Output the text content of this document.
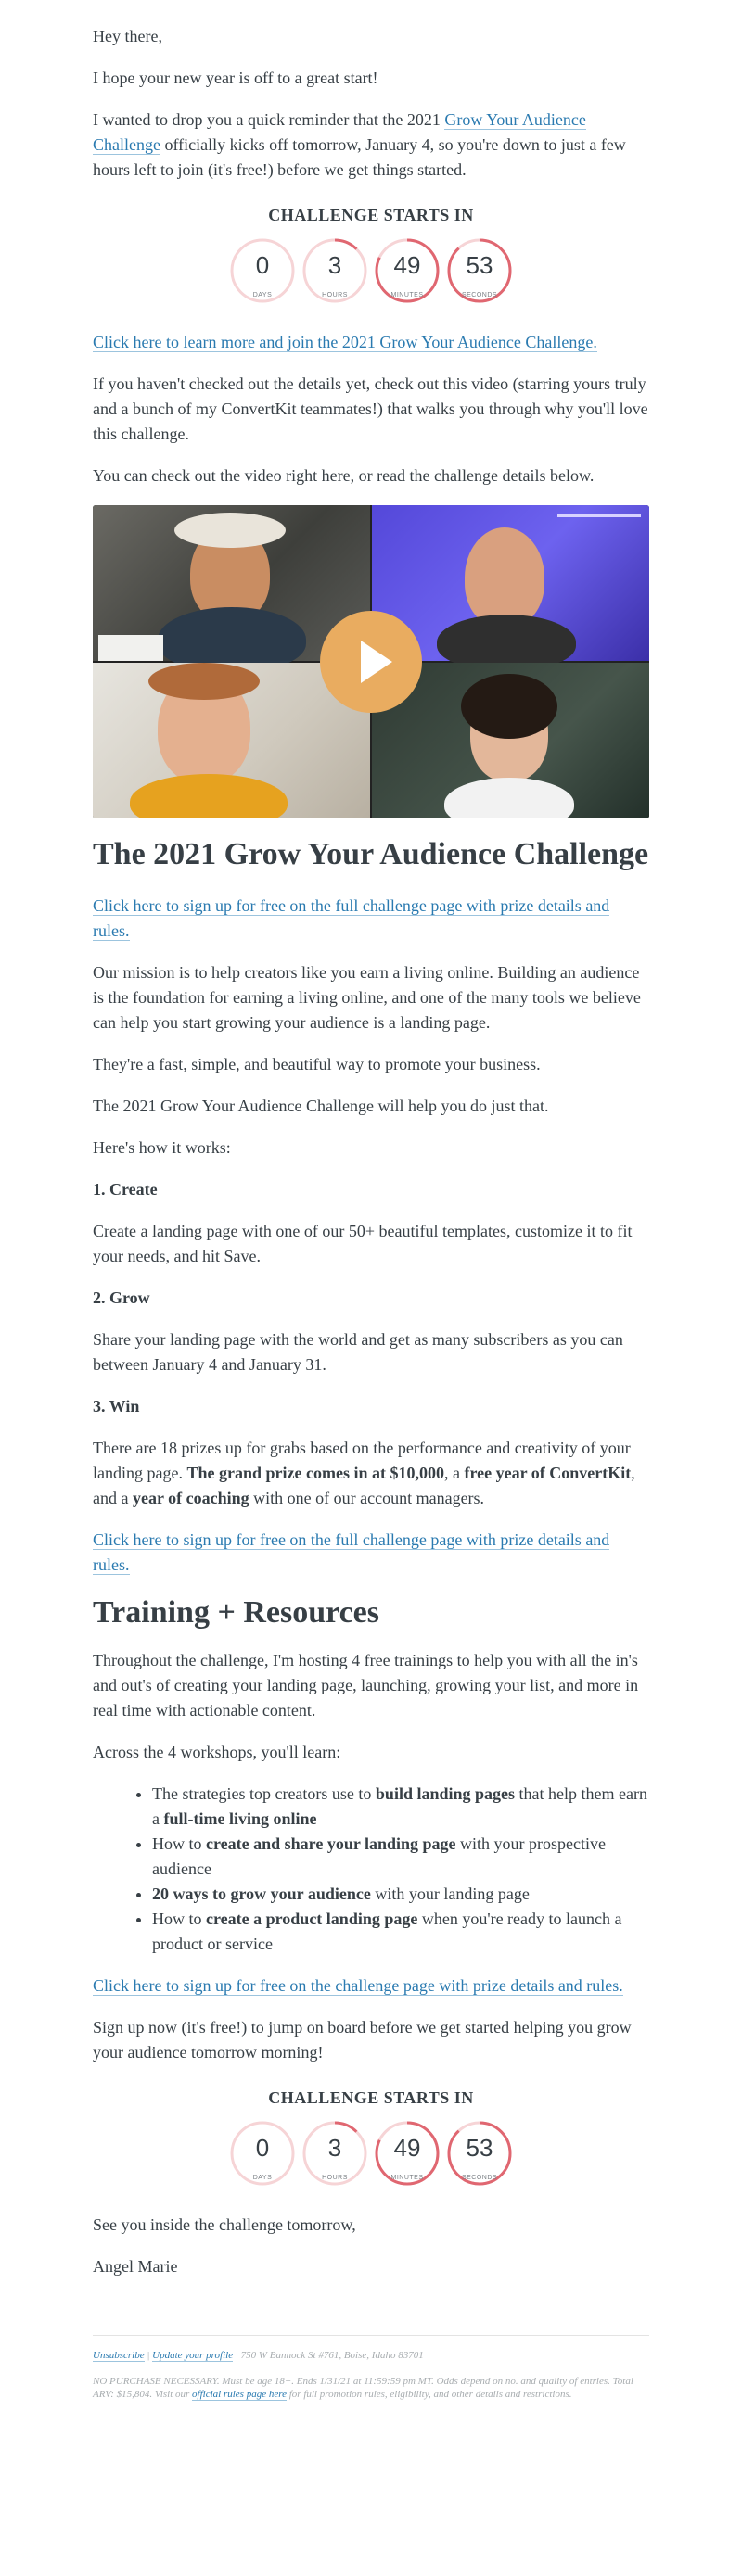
Hey there,

I hope your new year is off to a great start!

I wanted to drop you a quick reminder that the 2021 Grow Your Audience Challenge officially kicks off tomorrow, January 4, so you're down to just a few hours left to join (it's free!) before we get things started.

CHALLENGE STARTS IN
0
DAYS
3
HOURS
49
MINUTES
53
SECONDS

Click here to learn more and join the 2021 Grow Your Audience Challenge.

If you haven't checked out the details yet, check out this video (starring yours truly and a bunch of my ConvertKit teammates!) that walks you through why you'll love this challenge.

You can check out the video right here, or read the challenge details below.

The 2021 Grow Your Audience Challenge

Click here to sign up for free on the full challenge page with prize details and rules.

Our mission is to help creators like you earn a living online. Building an audience is the foundation for earning a living online, and one of the many tools we believe can help you start growing your audience is a landing page.

They're a fast, simple, and beautiful way to promote your business.

The 2021 Grow Your Audience Challenge will help you do just that.

Here's how it works:

1. Create

Create a landing page with one of our 50+ beautiful templates, customize it to fit your needs, and hit Save.

2. Grow

Share your landing page with the world and get as many subscribers as you can between January 4 and January 31.

3. Win

There are 18 prizes up for grabs based on the performance and creativity of your landing page. The grand prize comes in at $10,000, a free year of ConvertKit, and a year of coaching with one of our account managers.

Click here to sign up for free on the full challenge page with prize details and rules.

Training + Resources

Throughout the challenge, I'm hosting 4 free trainings to help you with all the in's and out's of creating your landing page, launching, growing your list, and more in real time with actionable content.

Across the 4 workshops, you'll learn:

• The strategies top creators use to build landing pages that help them earn a full-time living online
• How to create and share your landing page with your prospective audience
• 20 ways to grow your audience with your landing page
• How to create a product landing page when you're ready to launch a product or service

Click here to sign up for free on the challenge page with prize details and rules.

Sign up now (it's free!) to jump on board before we get started helping you grow your audience tomorrow morning!

CHALLENGE STARTS IN
0
DAYS
3
HOURS
49
MINUTES
53
SECONDS

See you inside the challenge tomorrow,

Angel Marie

Unsubscribe | Update your profile | 750 W Bannock St #761, Boise, Idaho 83701
NO PURCHASE NECESSARY. Must be age 18+. Ends 1/31/21 at 11:59:59 pm MT. Odds depend on no. and quality of entries. Total ARV: $15,804. Visit our official rules page here for full promotion rules, eligibility, and other details and restrictions.
